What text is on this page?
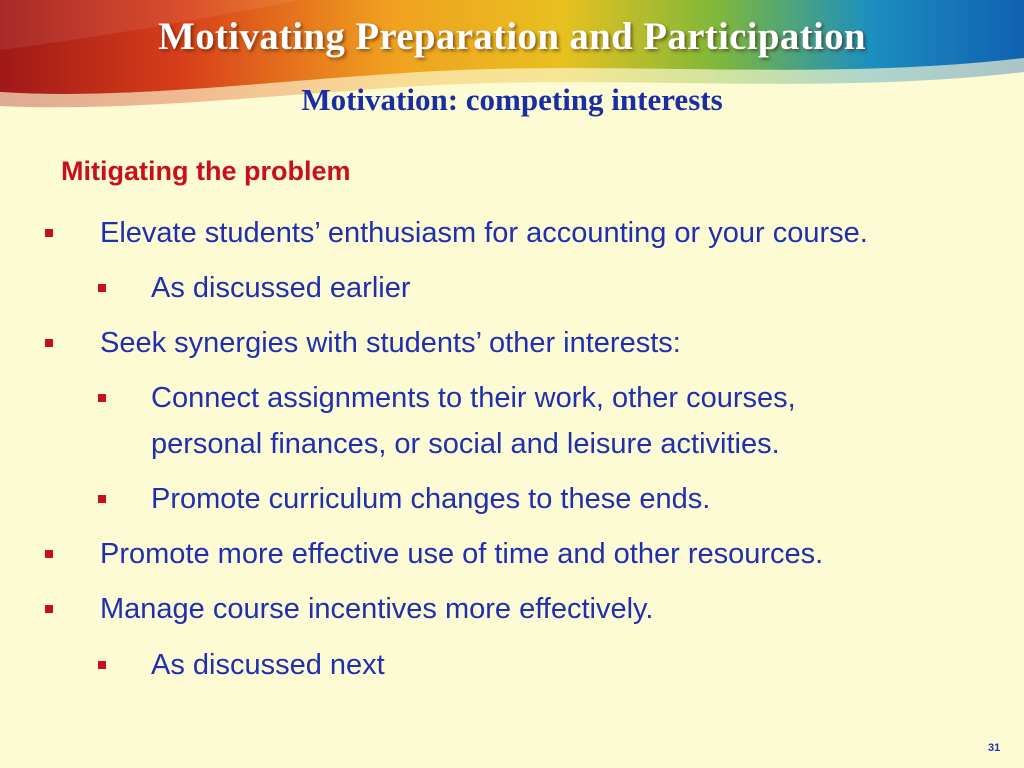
Motivating Preparation and Participation
Motivation: competing interests
Mitigating the problem
Elevate students’ enthusiasm for accounting or your course.
As discussed earlier
Seek synergies with students’ other interests:
Connect assignments to their work, other courses,
personal finances, or social and leisure activities.
Promote curriculum changes to these ends.
Promote more effective use of time and other resources.
Manage course incentives more effectively.
As discussed next
31
